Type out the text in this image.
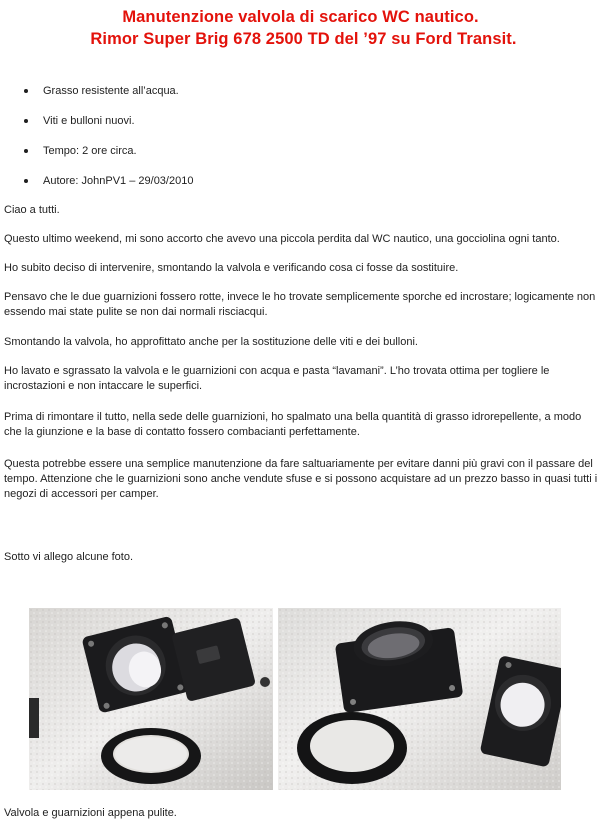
Manutenzione valvola di scarico WC nautico.

Rimor Super Brig 678 2500 TD del ’97 su Ford Transit.
Grasso resistente all’acqua.
Viti e bulloni nuovi.
Tempo: 2 ore circa.
Autore: JohnPV1 – 29/03/2010

Ciao a tutti.

Questo ultimo weekend, mi sono accorto che avevo una piccola perdita dal WC nautico, una gocciolina ogni tanto.

Ho subito deciso di intervenire, smontando la valvola e verificando cosa ci fosse da sostituire.

Pensavo che le due guarnizioni fossero rotte, invece le ho trovate semplicemente sporche ed incrostare; logicamente non essendo mai state pulite se non dai normali risciacqui.

Smontando la valvola, ho approfittato anche per la sostituzione delle viti e dei bulloni.

Ho lavato e sgrassato la valvola e le guarnizioni con acqua e pasta “lavamani”. L’ho trovata ottima per togliere le incrostazioni e non intaccare le superfici.

Prima di rimontare il tutto, nella sede delle guarnizioni, ho spalmato una bella quantità di grasso idrorepellente, a modo che la giunzione e la base di contatto fossero combacianti perfettamente.

Questa potrebbe essere una semplice manutenzione da fare saltuariamente per evitare danni più gravi con il passare del tempo. Attenzione che le guarnizioni sono anche vendute sfuse e si possono acquistare ad un prezzo basso in quasi tutti i negozi di accessori per camper.

Sotto vi allego alcune foto.

Valvola e guarnizioni appena pulite.
